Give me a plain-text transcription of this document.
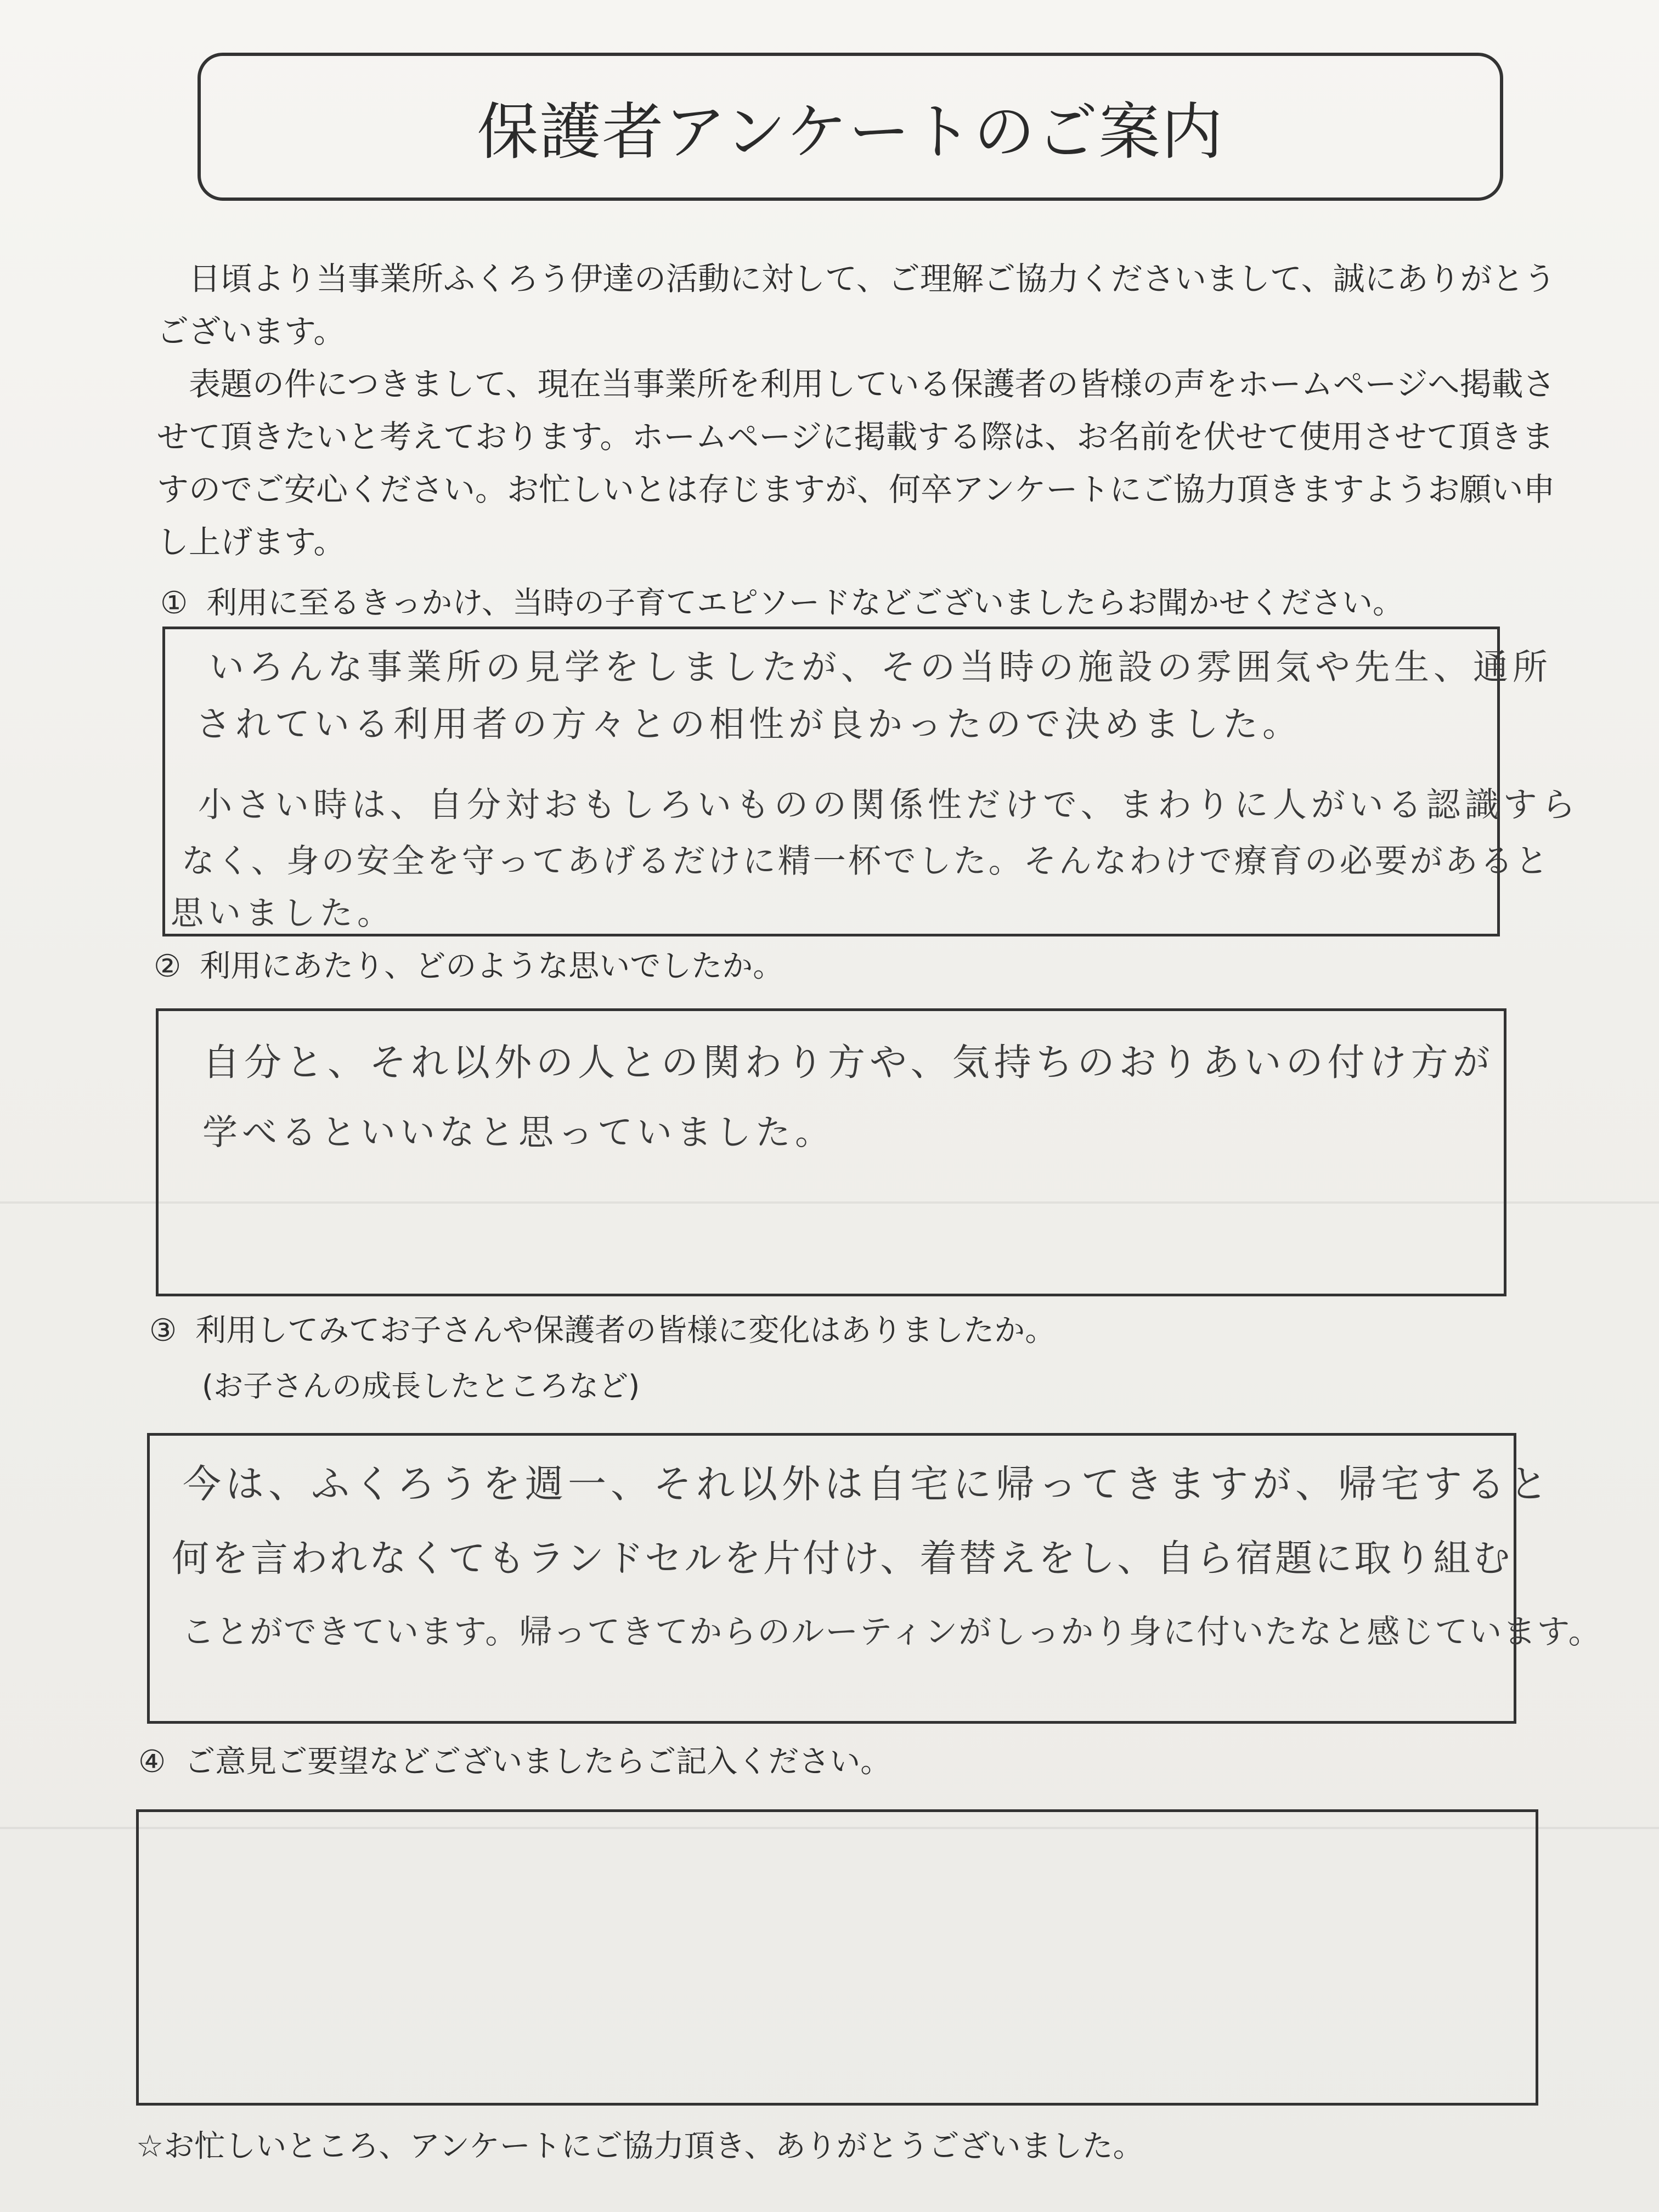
保護者アンケートのご案内

日頃より当事業所ふくろう伊達の活動に対して、ご理解ご協力くださいまして、誠にありがとうございます。

表題の件につきまして、現在当事業所を利用している保護者の皆様の声をホームページへ掲載させて頂きたいと考えております。ホームページに掲載する際は、お名前を伏せて使用させて頂きますのでご安心ください。お忙しいとは存じますが、何卒アンケートにご協力頂きますようお願い申し上げます。

① 利用に至るきっかけ、当時の子育てエピソードなどございましたらお聞かせください。
いろんな事業所の見学をしましたが、その当時の施設の雰囲気や先生、通所
されている利用者の方々との相性が良かったので決めました。
小さい時は、自分対おもしろいものの関係性だけで、まわりに人がいる認識すら
なく、身の安全を守ってあげるだけに精一杯でした。そんなわけで療育の必要があると
思いました。
② 利用にあたり、どのような思いでしたか。
自分と、それ以外の人との関わり方や、気持ちのおりあいの付け方が
学べるといいなと思っていました。
③ 利用してみてお子さんや保護者の皆様に変化はありましたか。
(お子さんの成長したところなど)
今は、ふくろうを週一、それ以外は自宅に帰ってきますが、帰宅すると
何を言われなくてもランドセルを片付け、着替えをし、自ら宿題に取り組む
ことができています。帰ってきてからのルーティンがしっかり身に付いたなと感じています。
④ ご意見ご要望などございましたらご記入ください。
☆お忙しいところ、アンケートにご協力頂き、ありがとうございました。
